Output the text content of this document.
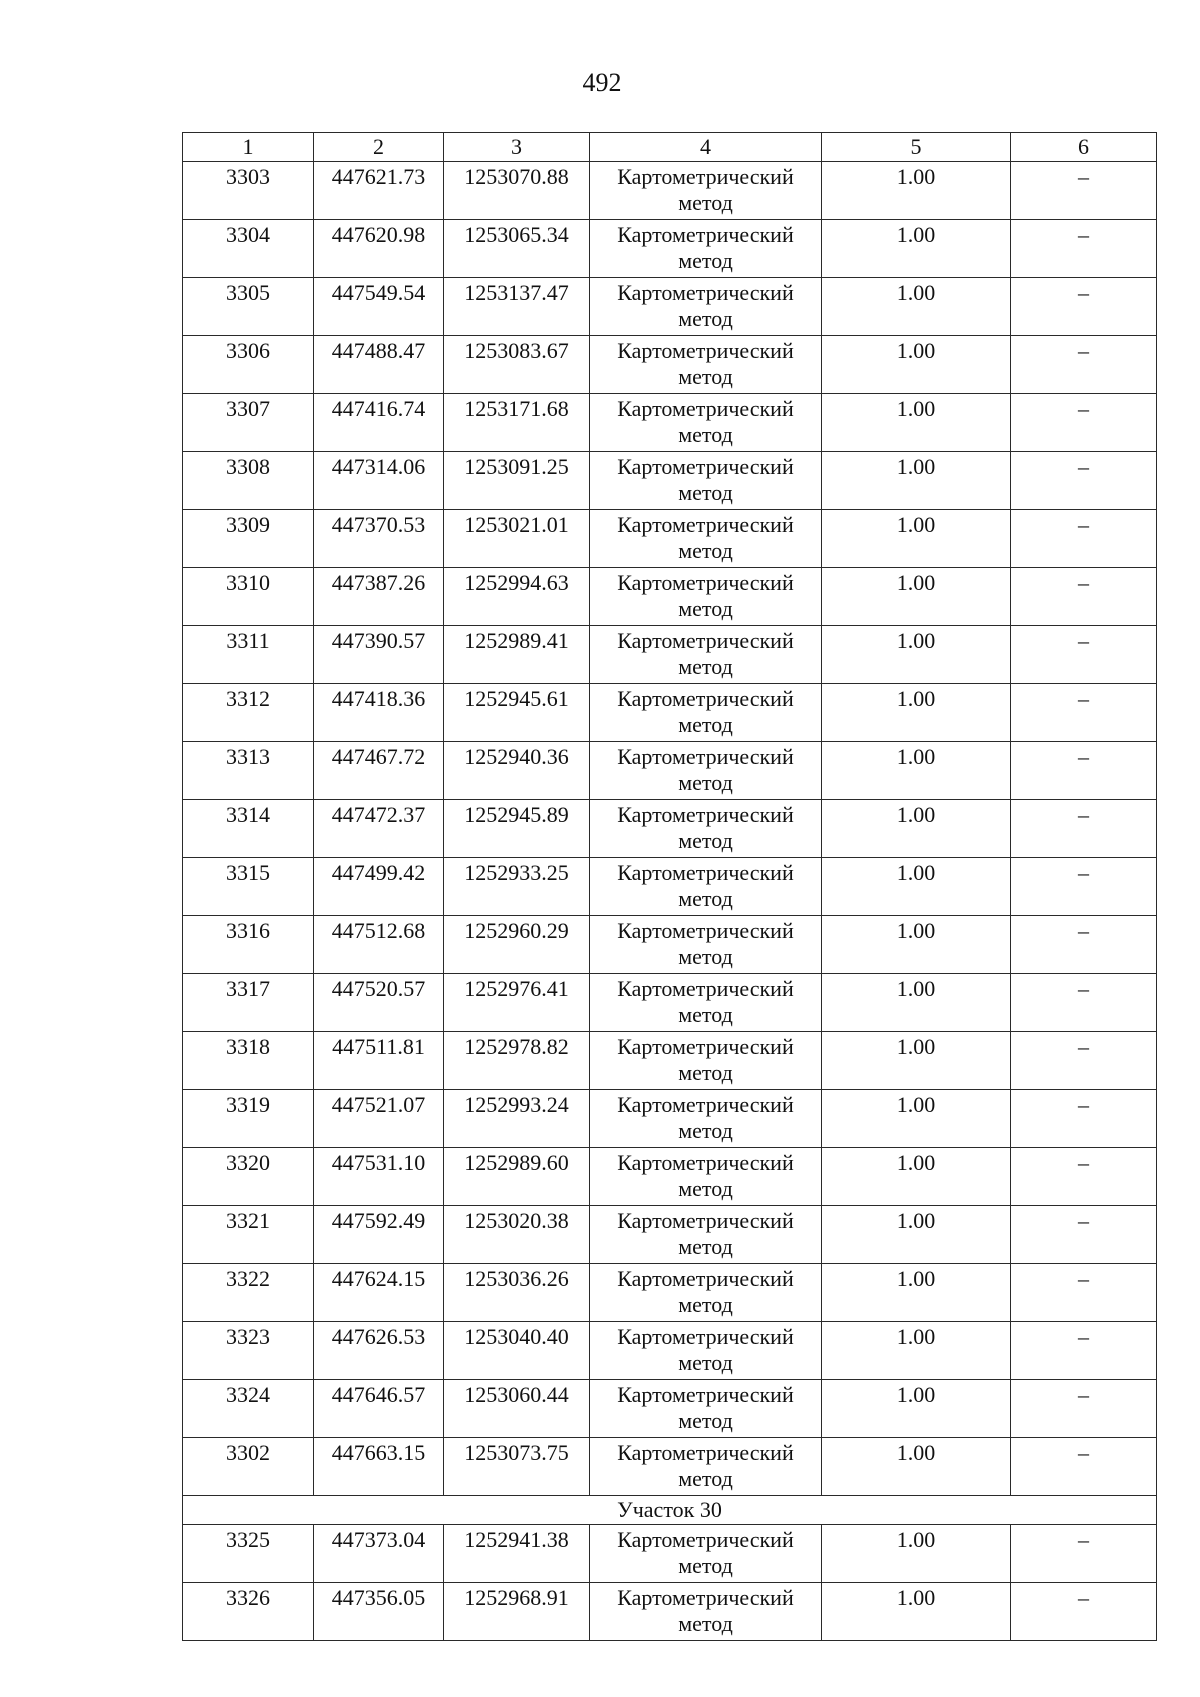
492
1	2	3	4	5	6
3303	447621.73	1253070.88	Картометрический метод	1.00	–
3304	447620.98	1253065.34	Картометрический метод	1.00	–
3305	447549.54	1253137.47	Картометрический метод	1.00	–
3306	447488.47	1253083.67	Картометрический метод	1.00	–
3307	447416.74	1253171.68	Картометрический метод	1.00	–
3308	447314.06	1253091.25	Картометрический метод	1.00	–
3309	447370.53	1253021.01	Картометрический метод	1.00	–
3310	447387.26	1252994.63	Картометрический метод	1.00	–
3311	447390.57	1252989.41	Картометрический метод	1.00	–
3312	447418.36	1252945.61	Картометрический метод	1.00	–
3313	447467.72	1252940.36	Картометрический метод	1.00	–
3314	447472.37	1252945.89	Картометрический метод	1.00	–
3315	447499.42	1252933.25	Картометрический метод	1.00	–
3316	447512.68	1252960.29	Картометрический метод	1.00	–
3317	447520.57	1252976.41	Картометрический метод	1.00	–
3318	447511.81	1252978.82	Картометрический метод	1.00	–
3319	447521.07	1252993.24	Картометрический метод	1.00	–
3320	447531.10	1252989.60	Картометрический метод	1.00	–
3321	447592.49	1253020.38	Картометрический метод	1.00	–
3322	447624.15	1253036.26	Картометрический метод	1.00	–
3323	447626.53	1253040.40	Картометрический метод	1.00	–
3324	447646.57	1253060.44	Картометрический метод	1.00	–
3302	447663.15	1253073.75	Картометрический метод	1.00	–
Участок 30					
3325	447373.04	1252941.38	Картометрический метод	1.00	–
3326	447356.05	1252968.91	Картометрический метод	1.00	–
